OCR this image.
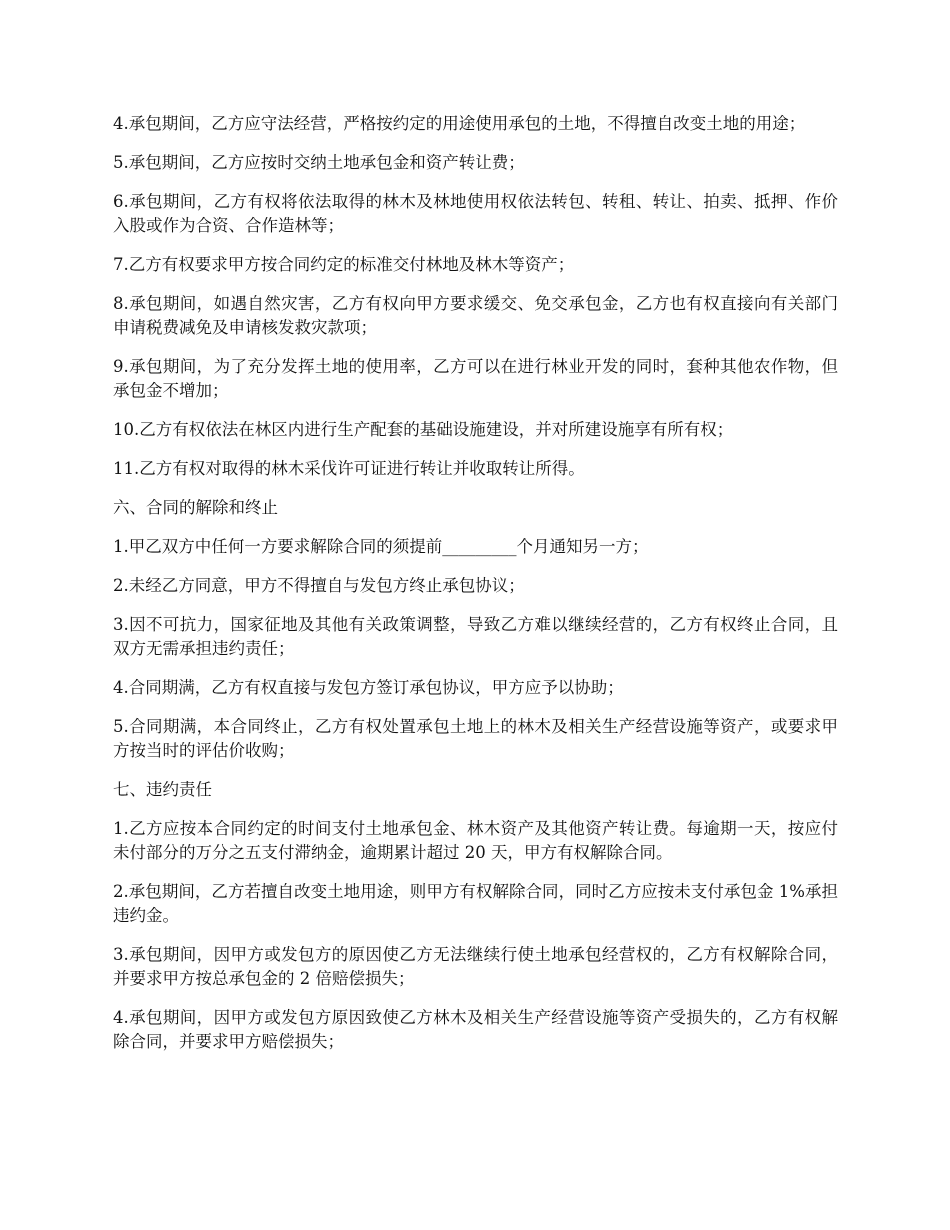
4.承包期间，乙方应守法经营，严格按约定的用途使用承包的土地，不得擅自改变土地的用途；

5.承包期间，乙方应按时交纳土地承包金和资产转让费；

6.承包期间，乙方有权将依法取得的林木及林地使用权依法转包、转租、转让、拍卖、抵押、作价入股或作为合资、合作造林等；

7.乙方有权要求甲方按合同约定的标准交付林地及林木等资产；

8.承包期间，如遇自然灾害，乙方有权向甲方要求缓交、免交承包金，乙方也有权直接向有关部门申请税费减免及申请核发救灾款项；

9.承包期间，为了充分发挥土地的使用率，乙方可以在进行林业开发的同时，套种其他农作物，但承包金不增加；

10.乙方有权依法在林区内进行生产配套的基础设施建设，并对所建设施享有所有权；

11.乙方有权对取得的林木采伐许可证进行转让并收取转让所得。

六、合同的解除和终止

1.甲乙双方中任何一方要求解除合同的须提前_________个月通知另一方；

2.未经乙方同意，甲方不得擅自与发包方终止承包协议；

3.因不可抗力，国家征地及其他有关政策调整，导致乙方难以继续经营的，乙方有权终止合同，且双方无需承担违约责任；

4.合同期满，乙方有权直接与发包方签订承包协议，甲方应予以协助；

5.合同期满，本合同终止，乙方有权处置承包土地上的林木及相关生产经营设施等资产，或要求甲方按当时的评估价收购；

七、违约责任

1.乙方应按本合同约定的时间支付土地承包金、林木资产及其他资产转让费。每逾期一天，按应付未付部分的万分之五支付滞纳金，逾期累计超过 20 天，甲方有权解除合同。

2.承包期间，乙方若擅自改变土地用途，则甲方有权解除合同，同时乙方应按未支付承包金 1%承担违约金。

3.承包期间，因甲方或发包方的原因使乙方无法继续行使土地承包经营权的，乙方有权解除合同，并要求甲方按总承包金的 2 倍赔偿损失；

4.承包期间，因甲方或发包方原因致使乙方林木及相关生产经营设施等资产受损失的，乙方有权解除合同，并要求甲方赔偿损失；
